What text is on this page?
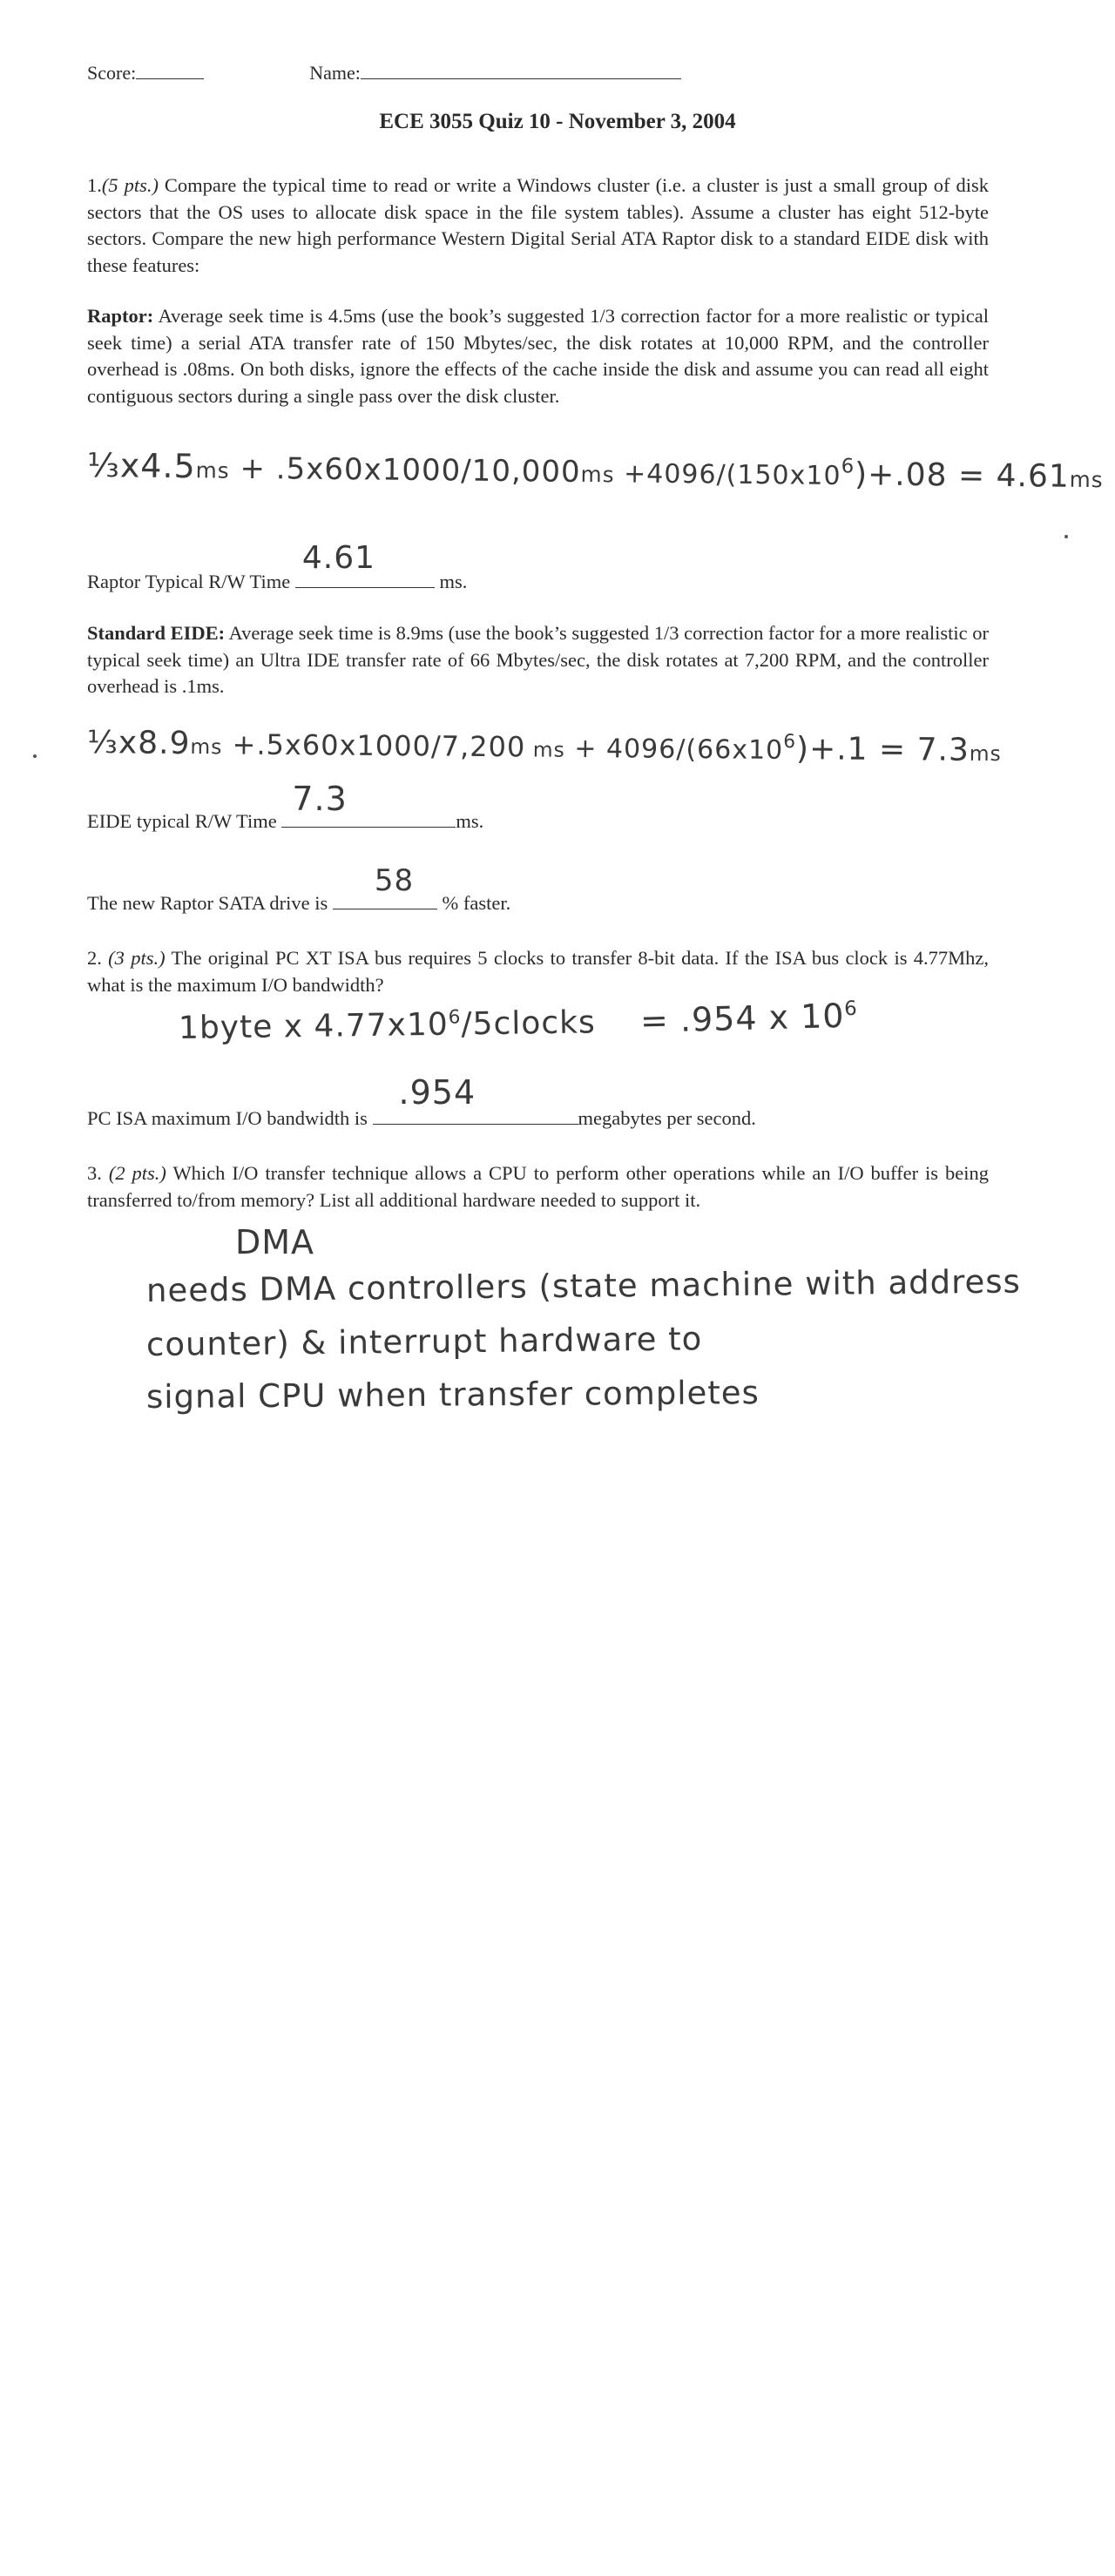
Score:	Name:
ECE 3055 Quiz 10 - November 3, 2004
1.(5 pts.) Compare the typical time to read or write a Windows cluster (i.e. a cluster is just a small group of disk sectors that the OS uses to allocate disk space in the file system tables). Assume a cluster has eight 512-byte sectors. Compare the new high performance Western Digital Serial ATA Raptor disk to a standard EIDE disk with these features:
Raptor: Average seek time is 4.5ms (use the book’s suggested 1/3 correction factor for a more realistic or typical seek time) a serial ATA transfer rate of 150 Mbytes/sec, the disk rotates at 10,000 RPM, and the controller overhead is .08ms. On both disks, ignore the effects of the cache inside the disk and assume you can read all eight contiguous sectors during a single pass over the disk cluster.
⅓x4.5ms + $.5x60x1000/10,000ms +4096/(150x10^6)+.08 = 4.61ms$
Raptor Typical R/W Time
4.61
ms.
Standard EIDE: Average seek time is 8.9ms (use the book’s suggested 1/3 correction factor for a more realistic or typical seek time) an Ultra IDE transfer rate of 66 Mbytes/sec, the disk rotates at 7,200 RPM, and the controller overhead is .1ms.
⅓x8.9ms +.5x60x1000/7,200 ms + $4096/(66x10^6)+.1 = 7.3ms$
EIDE typical R/W Time
7.3
ms.
The new Raptor SATA drive is
58
% faster.
2. (3 pts.) The original PC XT ISA bus requires 5 clocks to transfer 8-bit data. If the ISA bus clock is 4.77Mhz, what is the maximum I/O bandwidth?
1byte x $4.77x10^6/5clocks = .954$ x $10^6$
PC ISA maximum I/O bandwidth is
.954
megabytes per second.
3. (2 pts.) Which I/O transfer technique allows a CPU to perform other operations while an I/O buffer is being transferred to/from memory? List all additional hardware needed to support it.
DMA
needs DMA controllers (state machine with address
counter) & interrupt hardware to
signal CPU when transfer completes
